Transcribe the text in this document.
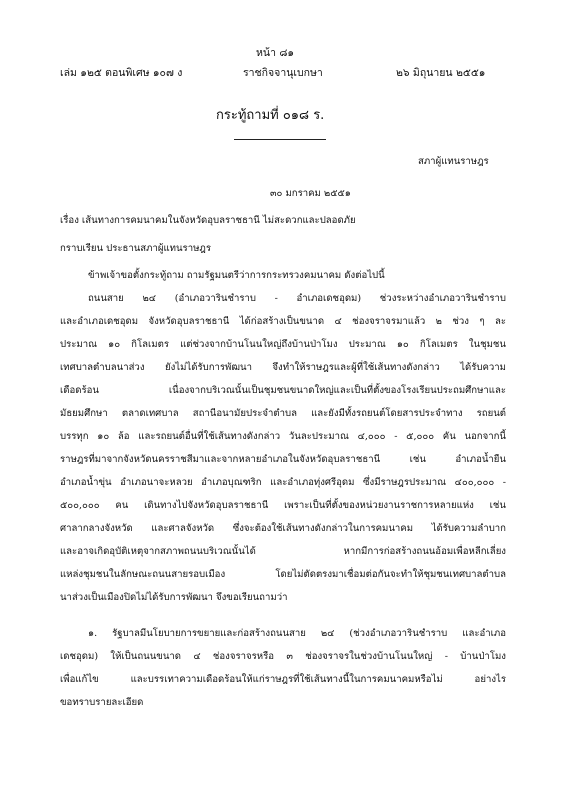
หน้า ๘๑
เล่ม ๑๒๕ ตอนพิเศษ ๑๐๗ ง	ราชกิจจานุเบกษา	๒๖ มิถุนายน ๒๕๕๑
กระทู้ถามที่ ๐๑๘ ร.
สภาผู้แทนราษฎร
๓๐ มกราคม ๒๕๕๑
เรื่อง เส้นทางการคมนาคมในจังหวัดอุบลราชธานี ไม่สะดวกและปลอดภัย
กราบเรียน ประธานสภาผู้แทนราษฎร
ข้าพเจ้าขอตั้งกระทู้ถาม ถามรัฐมนตรีว่าการกระทรวงคมนาคม ดังต่อไปนี้
ถนนสาย ๒๔ (อำเภอวารินชำราบ - อำเภอเดชอุดม) ช่วงระหว่างอำเภอวารินชำราบ
และอำเภอเดชอุดม จังหวัดอุบลราชธานี ได้ก่อสร้างเป็นขนาด ๔ ช่องจราจรมาแล้ว ๒ ช่วง ๆ ละ
ประมาณ ๑๐ กิโลเมตร แต่ช่วงจากบ้านโนนใหญ่ถึงบ้านป่าโมง ประมาณ ๑๐ กิโลเมตร ในชุมชน
เทศบาลตำบลนาส่วง ยังไม่ได้รับการพัฒนา จึงทำให้ราษฎรและผู้ที่ใช้เส้นทางดังกล่าว ได้รับความ
เดือดร้อน เนื่องจากบริเวณนั้นเป็นชุมชนขนาดใหญ่และเป็นที่ตั้งของโรงเรียนประถมศึกษาและ
มัธยมศึกษา ตลาดเทศบาล สถานีอนามัยประจำตำบล และยังมีทั้งรถยนต์โดยสารประจำทาง รถยนต์
บรรทุก ๑๐ ล้อ และรถยนต์อื่นที่ใช้เส้นทางดังกล่าว วันละประมาณ ๔,๐๐๐ - ๕,๐๐๐ คัน นอกจากนี้
ราษฎรที่มาจากจังหวัดนครราชสีมาและจากหลายอำเภอในจังหวัดอุบลราชธานี เช่น อำเภอน้ำยืน
อำเภอน้ำขุ่น อำเภอนาจะหลวย อำเภอบุณฑริก และอำเภอทุ่งศรีอุดม ซึ่งมีราษฎรประมาณ ๔๐๐,๐๐๐ -
๕๐๐,๐๐๐ คน เดินทางไปจังหวัดอุบลราชธานี เพราะเป็นที่ตั้งของหน่วยงานราชการหลายแห่ง เช่น
ศาลากลางจังหวัด และศาลจังหวัด ซึ่งจะต้องใช้เส้นทางดังกล่าวในการคมนาคม ได้รับความลำบาก
และอาจเกิดอุบัติเหตุจากสภาพถนนบริเวณนั้นได้ หากมีการก่อสร้างถนนอ้อมเพื่อหลีกเลี่ยง
แหล่งชุมชนในลักษณะถนนสายรอบเมือง โดยไม่ตัดตรงมาเชื่อมต่อกันจะทำให้ชุมชนเทศบาลตำบล
นาส่วงเป็นเมืองปิดไม่ได้รับการพัฒนา จึงขอเรียนถามว่า
๑. รัฐบาลมีนโยบายการขยายและก่อสร้างถนนสาย ๒๔ (ช่วงอำเภอวารินชำราบ และอำเภอ
เดชอุดม) ให้เป็นถนนขนาด ๔ ช่องจราจรหรือ ๓ ช่องจราจรในช่วงบ้านโนนใหญ่ - บ้านป่าโมง
เพื่อแก้ไข และบรรเทาความเดือดร้อนให้แก่ราษฎรที่ใช้เส้นทางนี้ในการคมนาคมหรือไม่ อย่างไร
ขอทราบรายละเอียด
